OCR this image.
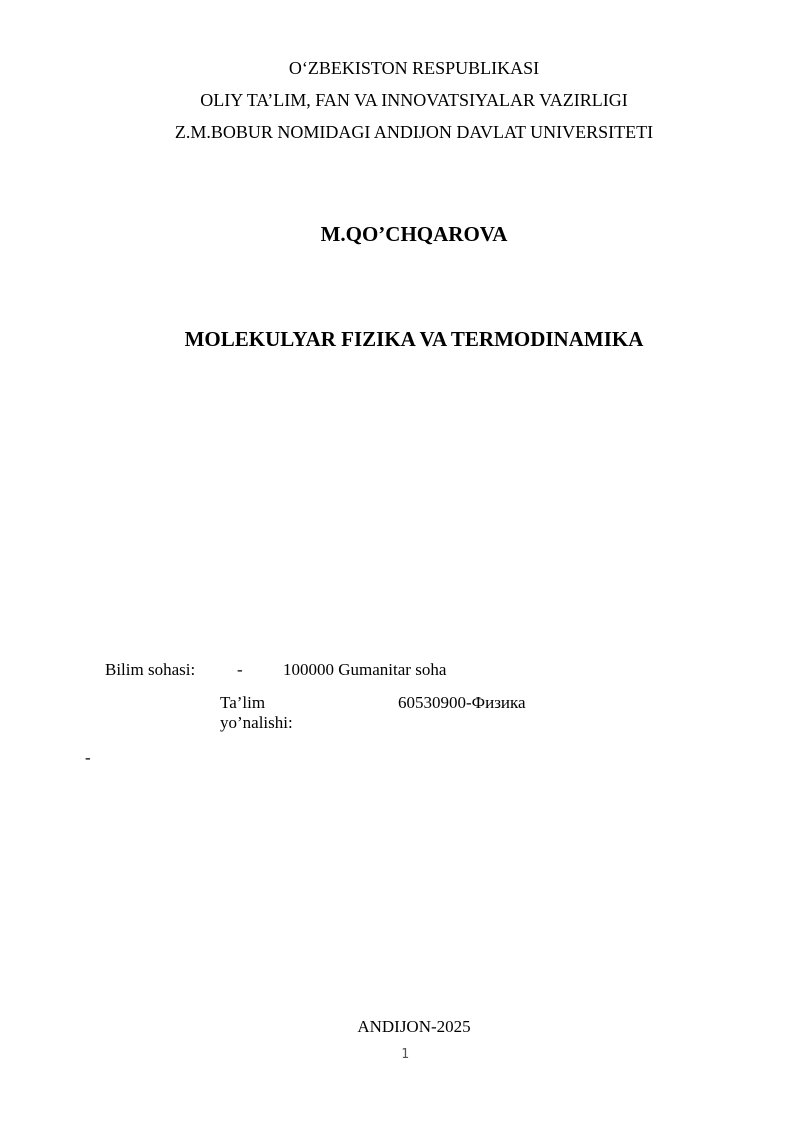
O‘ZBEKISTON RESPUBLIKASI
OLIY TA’LIM, FAN VA INNOVATSIYALAR VAZIRLIGI
Z.M.BOBUR NOMIDAGI ANDIJON DAVLAT UNIVERSITETI
M.QO’CHQAROVA
MOLEKULYAR FIZIKA VA TERMODINAMIKA
Bilim sohasi: - 100000 Gumanitar soha
Ta’lim yo’nalishi:
60530900-Физика
-
ANDIJON-2025
1
